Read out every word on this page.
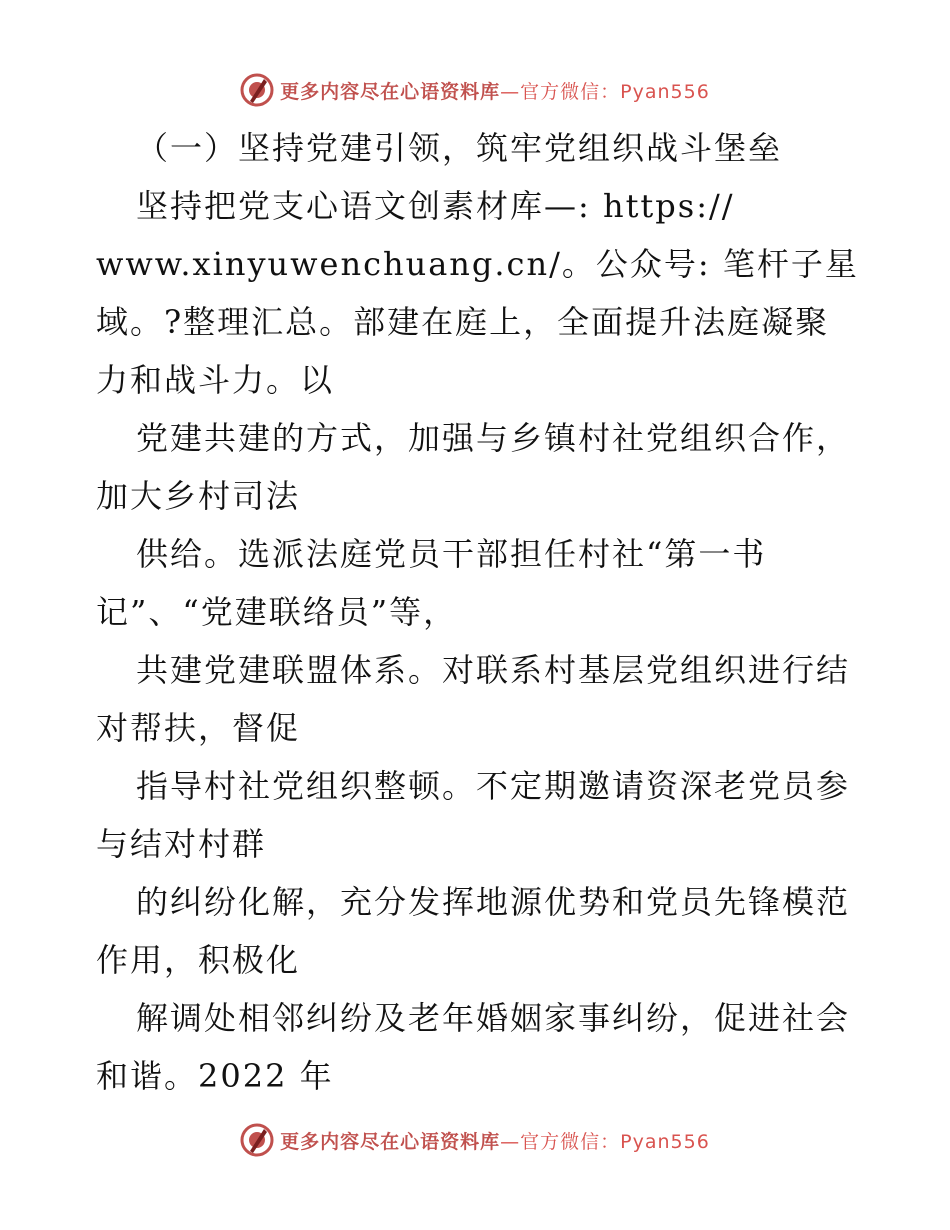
更多内容尽在心语资料库 —官方微信：Pyan556
（一）坚持党建引领，筑牢党组织战斗堡垒
坚持把党支心语文创素材库—: https://
www.xinyuwenchuang.cn/。公众号: 笔杆子星
域。?整理汇总。部建在庭上，全面提升法庭凝聚
力和战斗力。以
党建共建的方式，加强与乡镇村社党组织合作，
加大乡村司法
供给。选派法庭党员干部担任村社“第一书
记”、“党建联络员”等，
共建党建联盟体系。对联系村基层党组织进行结
对帮扶，督促
指导村社党组织整顿。不定期邀请资深老党员参
与结对村群
的纠纷化解，充分发挥地源优势和党员先锋模范
作用，积极化
解调处相邻纠纷及老年婚姻家事纠纷，促进社会
和谐。2022 年
更多内容尽在心语资料库 —官方微信：Pyan556
